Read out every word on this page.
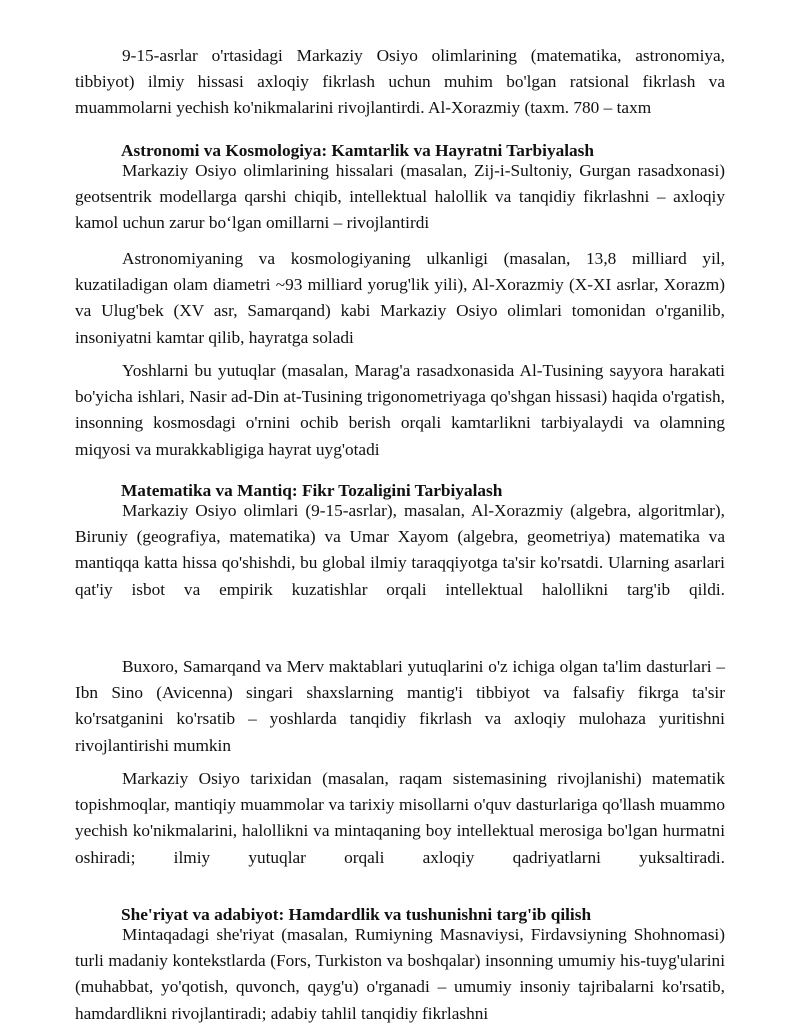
9-15-asrlar o'rtasidagi Markaziy Osiyo olimlarining (matematika, astronomiya, tibbiyot) ilmiy hissasi axloqiy fikrlash uchun muhim bo'lgan ratsional fikrlash va muammolarni yechish ko'nikmalarini rivojlantirdi. Al-Xorazmiy (taxm. 780 – taxm

Astronomi va Kosmologiya: Kamtarlik va Hayratni Tarbiyalash

Markaziy Osiyo olimlarining hissalari (masalan, Zij-i-Sultoniy, Gurgan rasadxonasi) geotsentrik modellarga qarshi chiqib, intellektual halollik va tanqidiy fikrlashni – axloqiy kamol uchun zarur bo‘lgan omillarni – rivojlantirdi

Astronomiyaning va kosmologiyaning ulkanligi (masalan, 13,8 milliard yil, kuzatiladigan olam diametri ~93 milliard yorug'lik yili), Al-Xorazmiy (X-XI asrlar, Xorazm) va Ulug'bek (XV asr, Samarqand) kabi Markaziy Osiyo olimlari tomonidan o'rganilib, insoniyatni kamtar qilib, hayratga soladi

Yoshlarni bu yutuqlar (masalan, Marag'a rasadxonasida Al-Tusining sayyora harakati bo'yicha ishlari, Nasir ad-Din at-Tusining trigonometriyaga qo'shgan hissasi) haqida o'rgatish, insonning kosmosdagi o'rnini ochib berish orqali kamtarlikni tarbiyalaydi va olamning miqyosi va murakkabligiga hayrat uyg'otadi

Matematika va Mantiq: Fikr Tozaligini Tarbiyalash

Markaziy Osiyo olimlari (9-15-asrlar), masalan, Al-Xorazmiy (algebra, algoritmlar), Biruniy (geografiya, matematika) va Umar Xayom (algebra, geometriya) matematika va mantiqqa katta hissa qo'shishdi, bu global ilmiy taraqqiyotga ta'sir ko'rsatdi. Ularning asarlari qat'iy isbot va empirik kuzatishlar orqali intellektual halollikni targ'ib qildi.

Buxoro, Samarqand va Merv maktablari yutuqlarini o'z ichiga olgan ta'lim dasturlari – Ibn Sino (Avicenna) singari shaxslarning mantig'i tibbiyot va falsafiy fikrga ta'sir ko'rsatganini ko'rsatib – yoshlarda tanqidiy fikrlash va axloqiy mulohaza yuritishni rivojlantirishi mumkin

Markaziy Osiyo tarixidan (masalan, raqam sistemasining rivojlanishi) matematik topishmoqlar, mantiqiy muammolar va tarixiy misollarni o'quv dasturlariga qo'llash muammo yechish ko'nikmalarini, halollikni va mintaqaning boy intellektual merosiga bo'lgan hurmatni oshiradi; ilmiy yutuqlar orqali axloqiy qadriyatlarni yuksaltiradi.

She'riyat va adabiyot: Hamdardlik va tushunishni targ'ib qilish

Mintaqadagi she'riyat (masalan, Rumiyning Masnaviysi, Firdavsiyning Shohnomasi) turli madaniy kontekstlarda (Fors, Turkiston va boshqalar) insonning umumiy his-tuyg'ularini (muhabbat, yo'qotish, quvonch, qayg'u) o'rganadi – umumiy insoniy tajribalarni ko'rsatib, hamdardlikni rivojlantiradi; adabiy tahlil tanqidiy fikrlashni
